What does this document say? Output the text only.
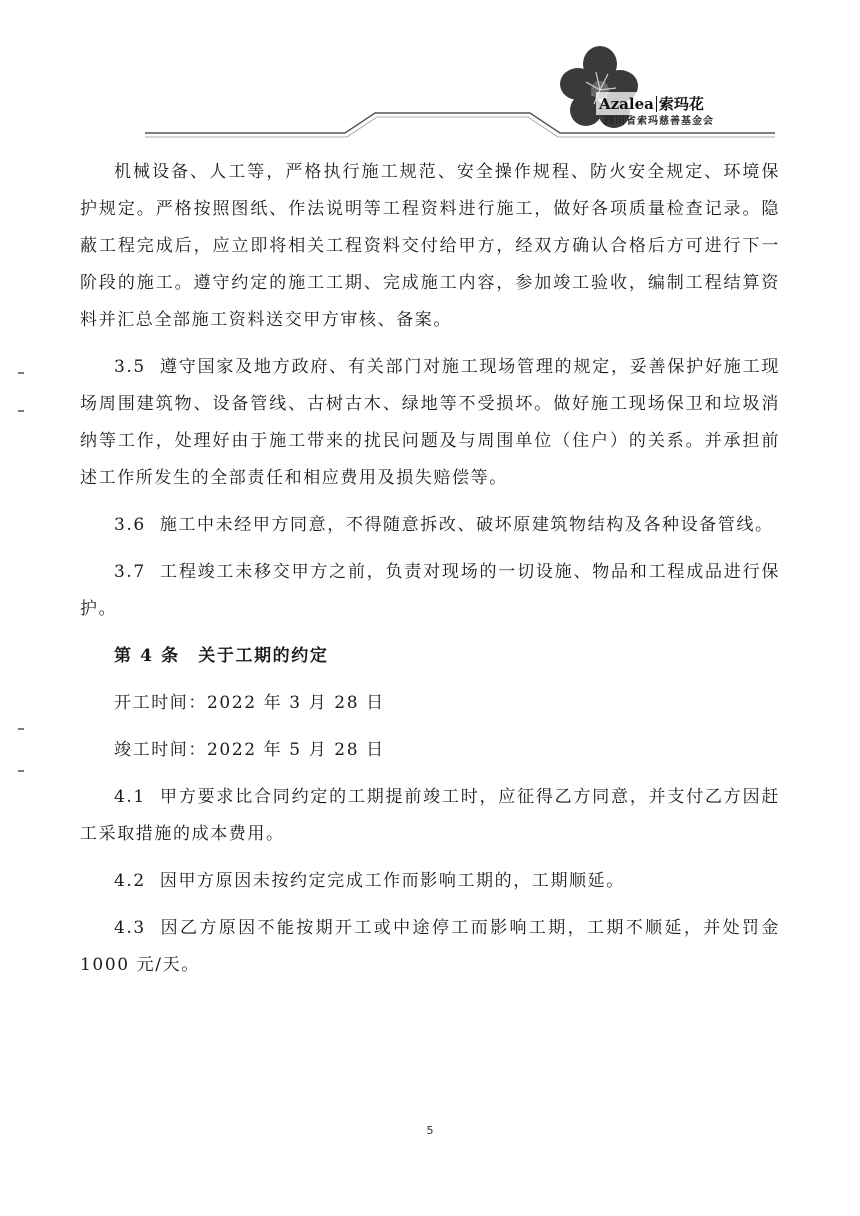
Azalea 索玛花
四川省索玛慈善基金会

机械设备、人工等，严格执行施工规范、安全操作规程、防火安全规定、环境保护规定。严格按照图纸、作法说明等工程资料进行施工，做好各项质量检查记录。隐蔽工程完成后，应立即将相关工程资料交付给甲方，经双方确认合格后方可进行下一阶段的施工。遵守约定的施工工期、完成施工内容，参加竣工验收，编制工程结算资料并汇总全部施工资料送交甲方审核、备案。

3.5 遵守国家及地方政府、有关部门对施工现场管理的规定，妥善保护好施工现场周围建筑物、设备管线、古树古木、绿地等不受损坏。做好施工现场保卫和垃圾消纳等工作，处理好由于施工带来的扰民问题及与周围单位（住户）的关系。并承担前述工作所发生的全部责任和相应费用及损失赔偿等。

3.6 施工中未经甲方同意，不得随意拆改、破坏原建筑物结构及各种设备管线。

3.7 工程竣工未移交甲方之前，负责对现场的一切设施、物品和工程成品进行保护。

第 4 条　关于工期的约定

开工时间：2022 年 3 月 28 日

竣工时间：2022 年 5 月 28 日

4.1 甲方要求比合同约定的工期提前竣工时，应征得乙方同意，并支付乙方因赶工采取措施的成本费用。

4.2 因甲方原因未按约定完成工作而影响工期的，工期顺延。

4.3 因乙方原因不能按期开工或中途停工而影响工期，工期不顺延，并处罚金 1000 元/天。

5
